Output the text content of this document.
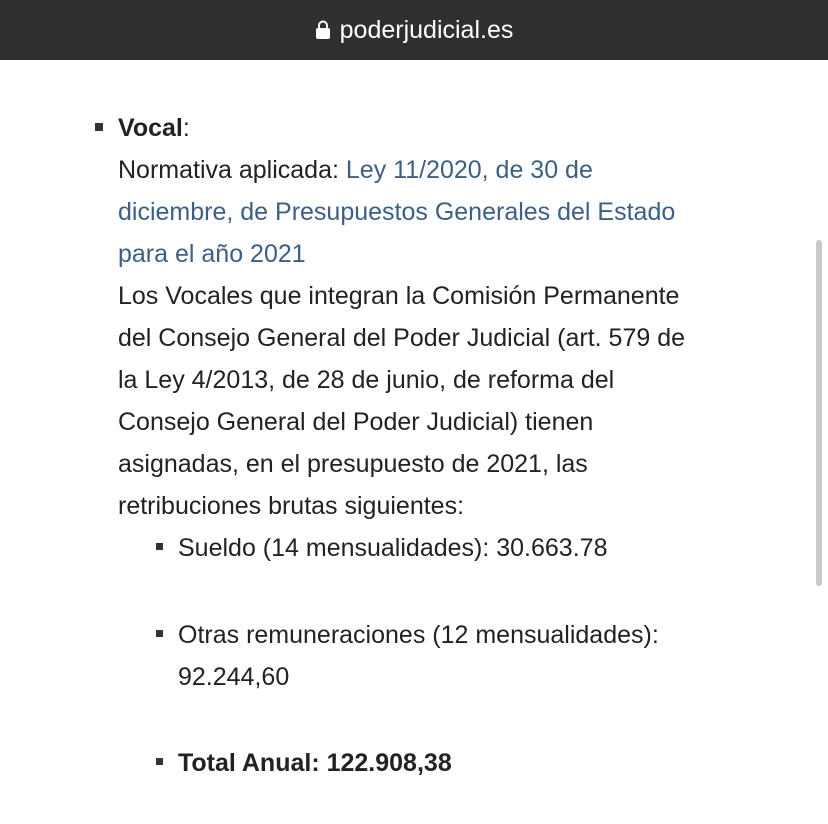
poderjudicial.es
Vocal:
Normativa aplicada: Ley 11/2020, de 30 de
diciembre, de Presupuestos Generales del Estado
para el año 2021
Los Vocales que integran la Comisión Permanente
del Consejo General del Poder Judicial (art. 579 de
la Ley 4/2013, de 28 de junio, de reforma del
Consejo General del Poder Judicial) tienen
asignadas, en el presupuesto de 2021, las
retribuciones brutas siguientes:
Sueldo (14 mensualidades): 30.663.78
Otras remuneraciones (12 mensualidades):
92.244,60
Total Anual: 122.908,38
